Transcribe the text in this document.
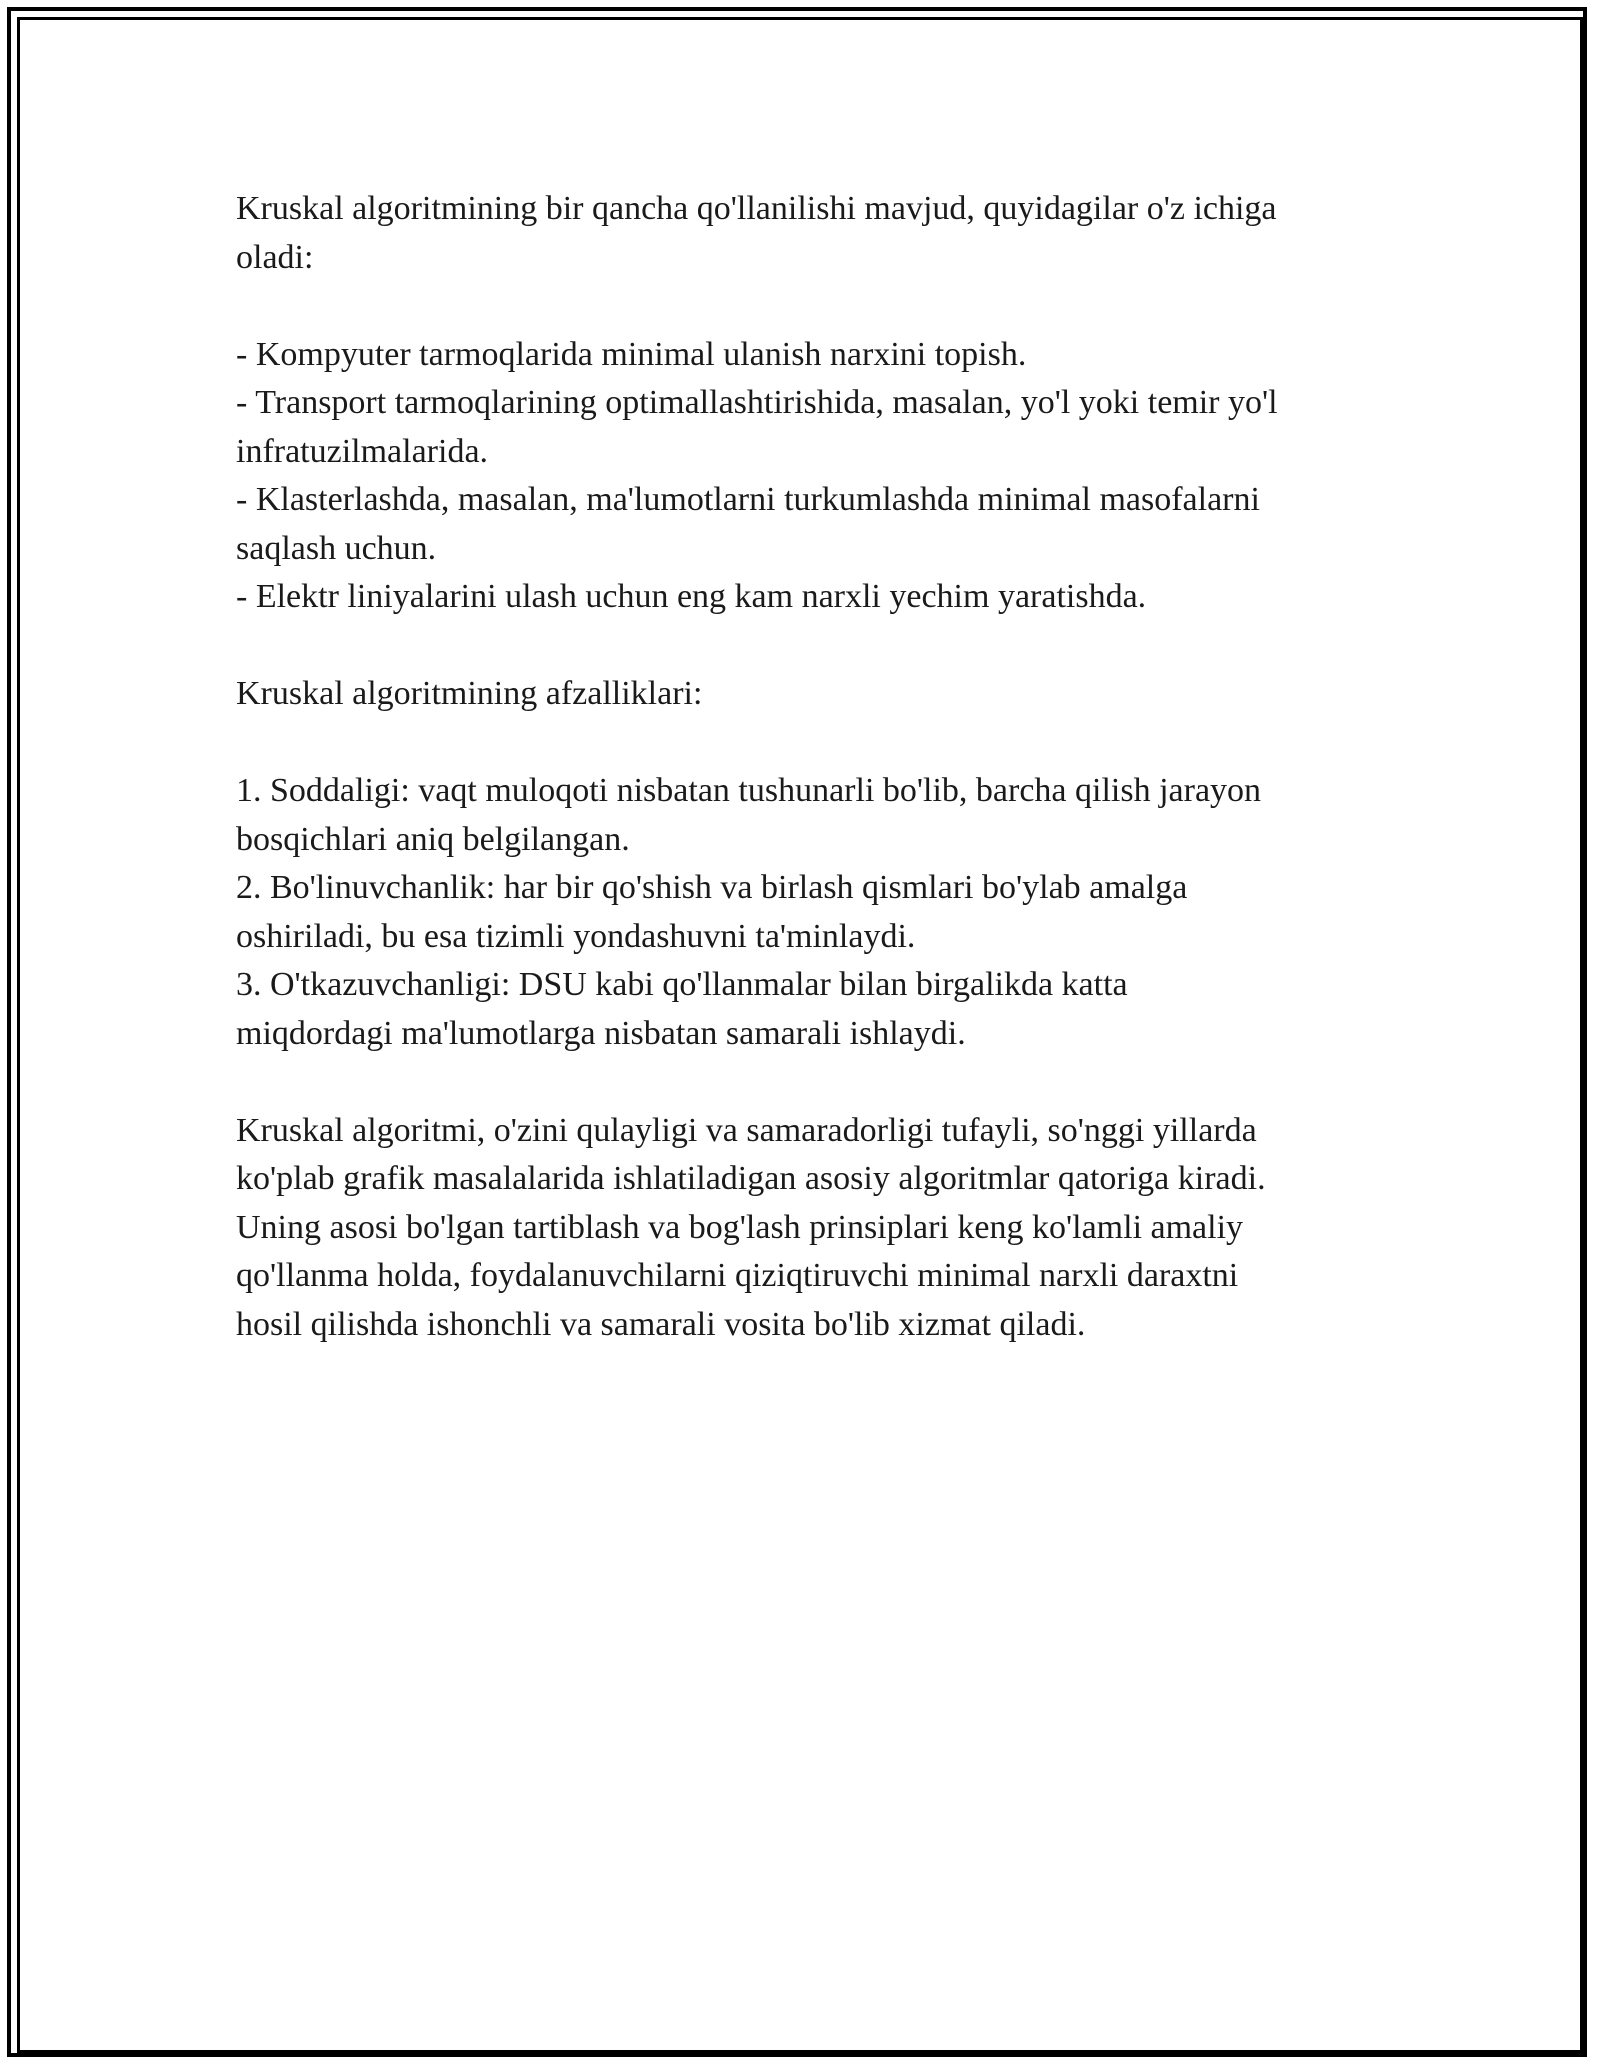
Kruskal algoritmining bir qancha qo'llanilishi mavjud, quyidagilar o'z ichiga
oladi:

- Kompyuter tarmoqlarida minimal ulanish narxini topish.

- Transport tarmoqlarining optimallashtirishida, masalan, yo'l yoki temir yo'l
infratuzilmalarida.

- Klasterlashda, masalan, ma'lumotlarni turkumlashda minimal masofalarni
saqlash uchun.

- Elektr liniyalarini ulash uchun eng kam narxli yechim yaratishda.

Kruskal algoritmining afzalliklari:

1. Soddaligi: vaqt muloqoti nisbatan tushunarli bo'lib, barcha qilish jarayon
bosqichlari aniq belgilangan.

2. Bo'linuvchanlik: har bir qo'shish va birlash qismlari bo'ylab amalga
oshiriladi, bu esa tizimli yondashuvni ta'minlaydi.

3. O'tkazuvchanligi: DSU kabi qo'llanmalar bilan birgalikda katta
miqdordagi ma'lumotlarga nisbatan samarali ishlaydi.

Kruskal algoritmi, o'zini qulayligi va samaradorligi tufayli, so'nggi yillarda
ko'plab grafik masalalarida ishlatiladigan asosiy algoritmlar qatoriga kiradi.
Uning asosi bo'lgan tartiblash va bog'lash prinsiplari keng ko'lamli amaliy
qo'llanma holda, foydalanuvchilarni qiziqtiruvchi minimal narxli daraxtni
hosil qilishda ishonchli va samarali vosita bo'lib xizmat qiladi.
